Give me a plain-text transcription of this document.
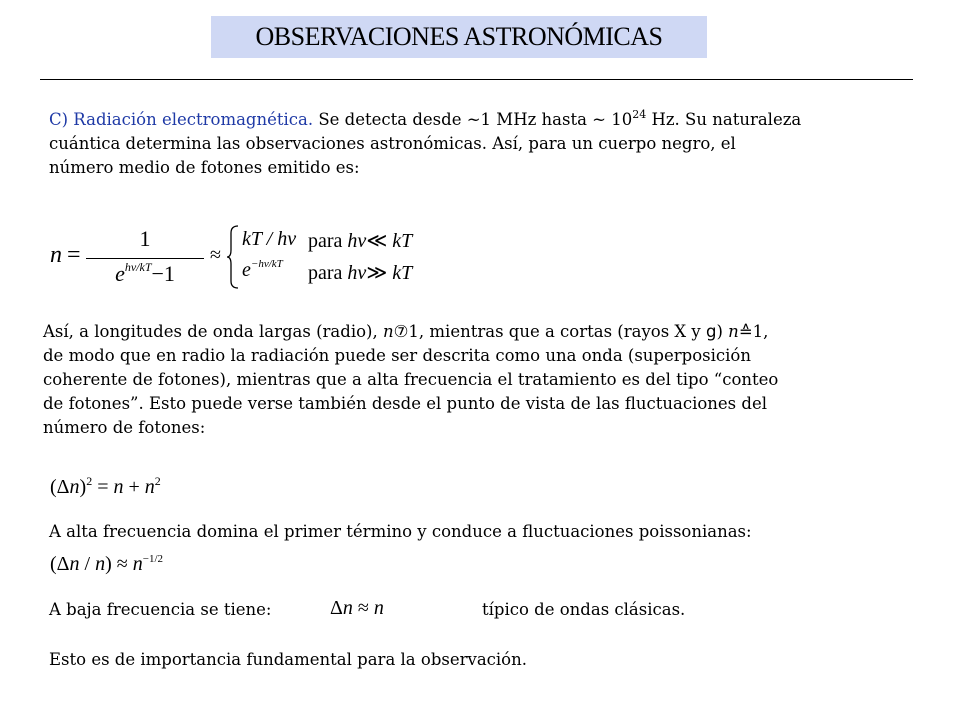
OBSERVACIONES ASTRONÓMICAS
C) Radiación electromagnética. Se detecta desde ~1 MHz hasta ~ $10^{24}$ Hz. Su naturaleza
cuántica determina las observaciones astronómicas. Así, para un cuerpo negro, el
número medio de fotones emitido es:
n =
1
$e^{h\nu/kT}-1$
≈
kT / hν para hν≪ kT
$e^{-h\nu/kT}$ para hν≫ kT
Así, a longitudes de onda largas (radio), n⑦1, mientras que a cortas (rayos X y g) n≙1,
de modo que en radio la radiación puede ser descrita como una onda (superposición
coherente de fotones), mientras que a alta frecuencia el tratamiento es del tipo “conteo
de fotones”. Esto puede verse también desde el punto de vista de las fluctuaciones del
número de fotones:
$(\Delta n)^2 = n + n^2$
A alta frecuencia domina el primer término y conduce a fluctuaciones poissonianas:
$(\Delta n / n) \approx n^{-1/2}$
A baja frecuencia se tiene:	Δn ≈ n	típico de ondas clásicas.
Esto es de importancia fundamental para la observación.
